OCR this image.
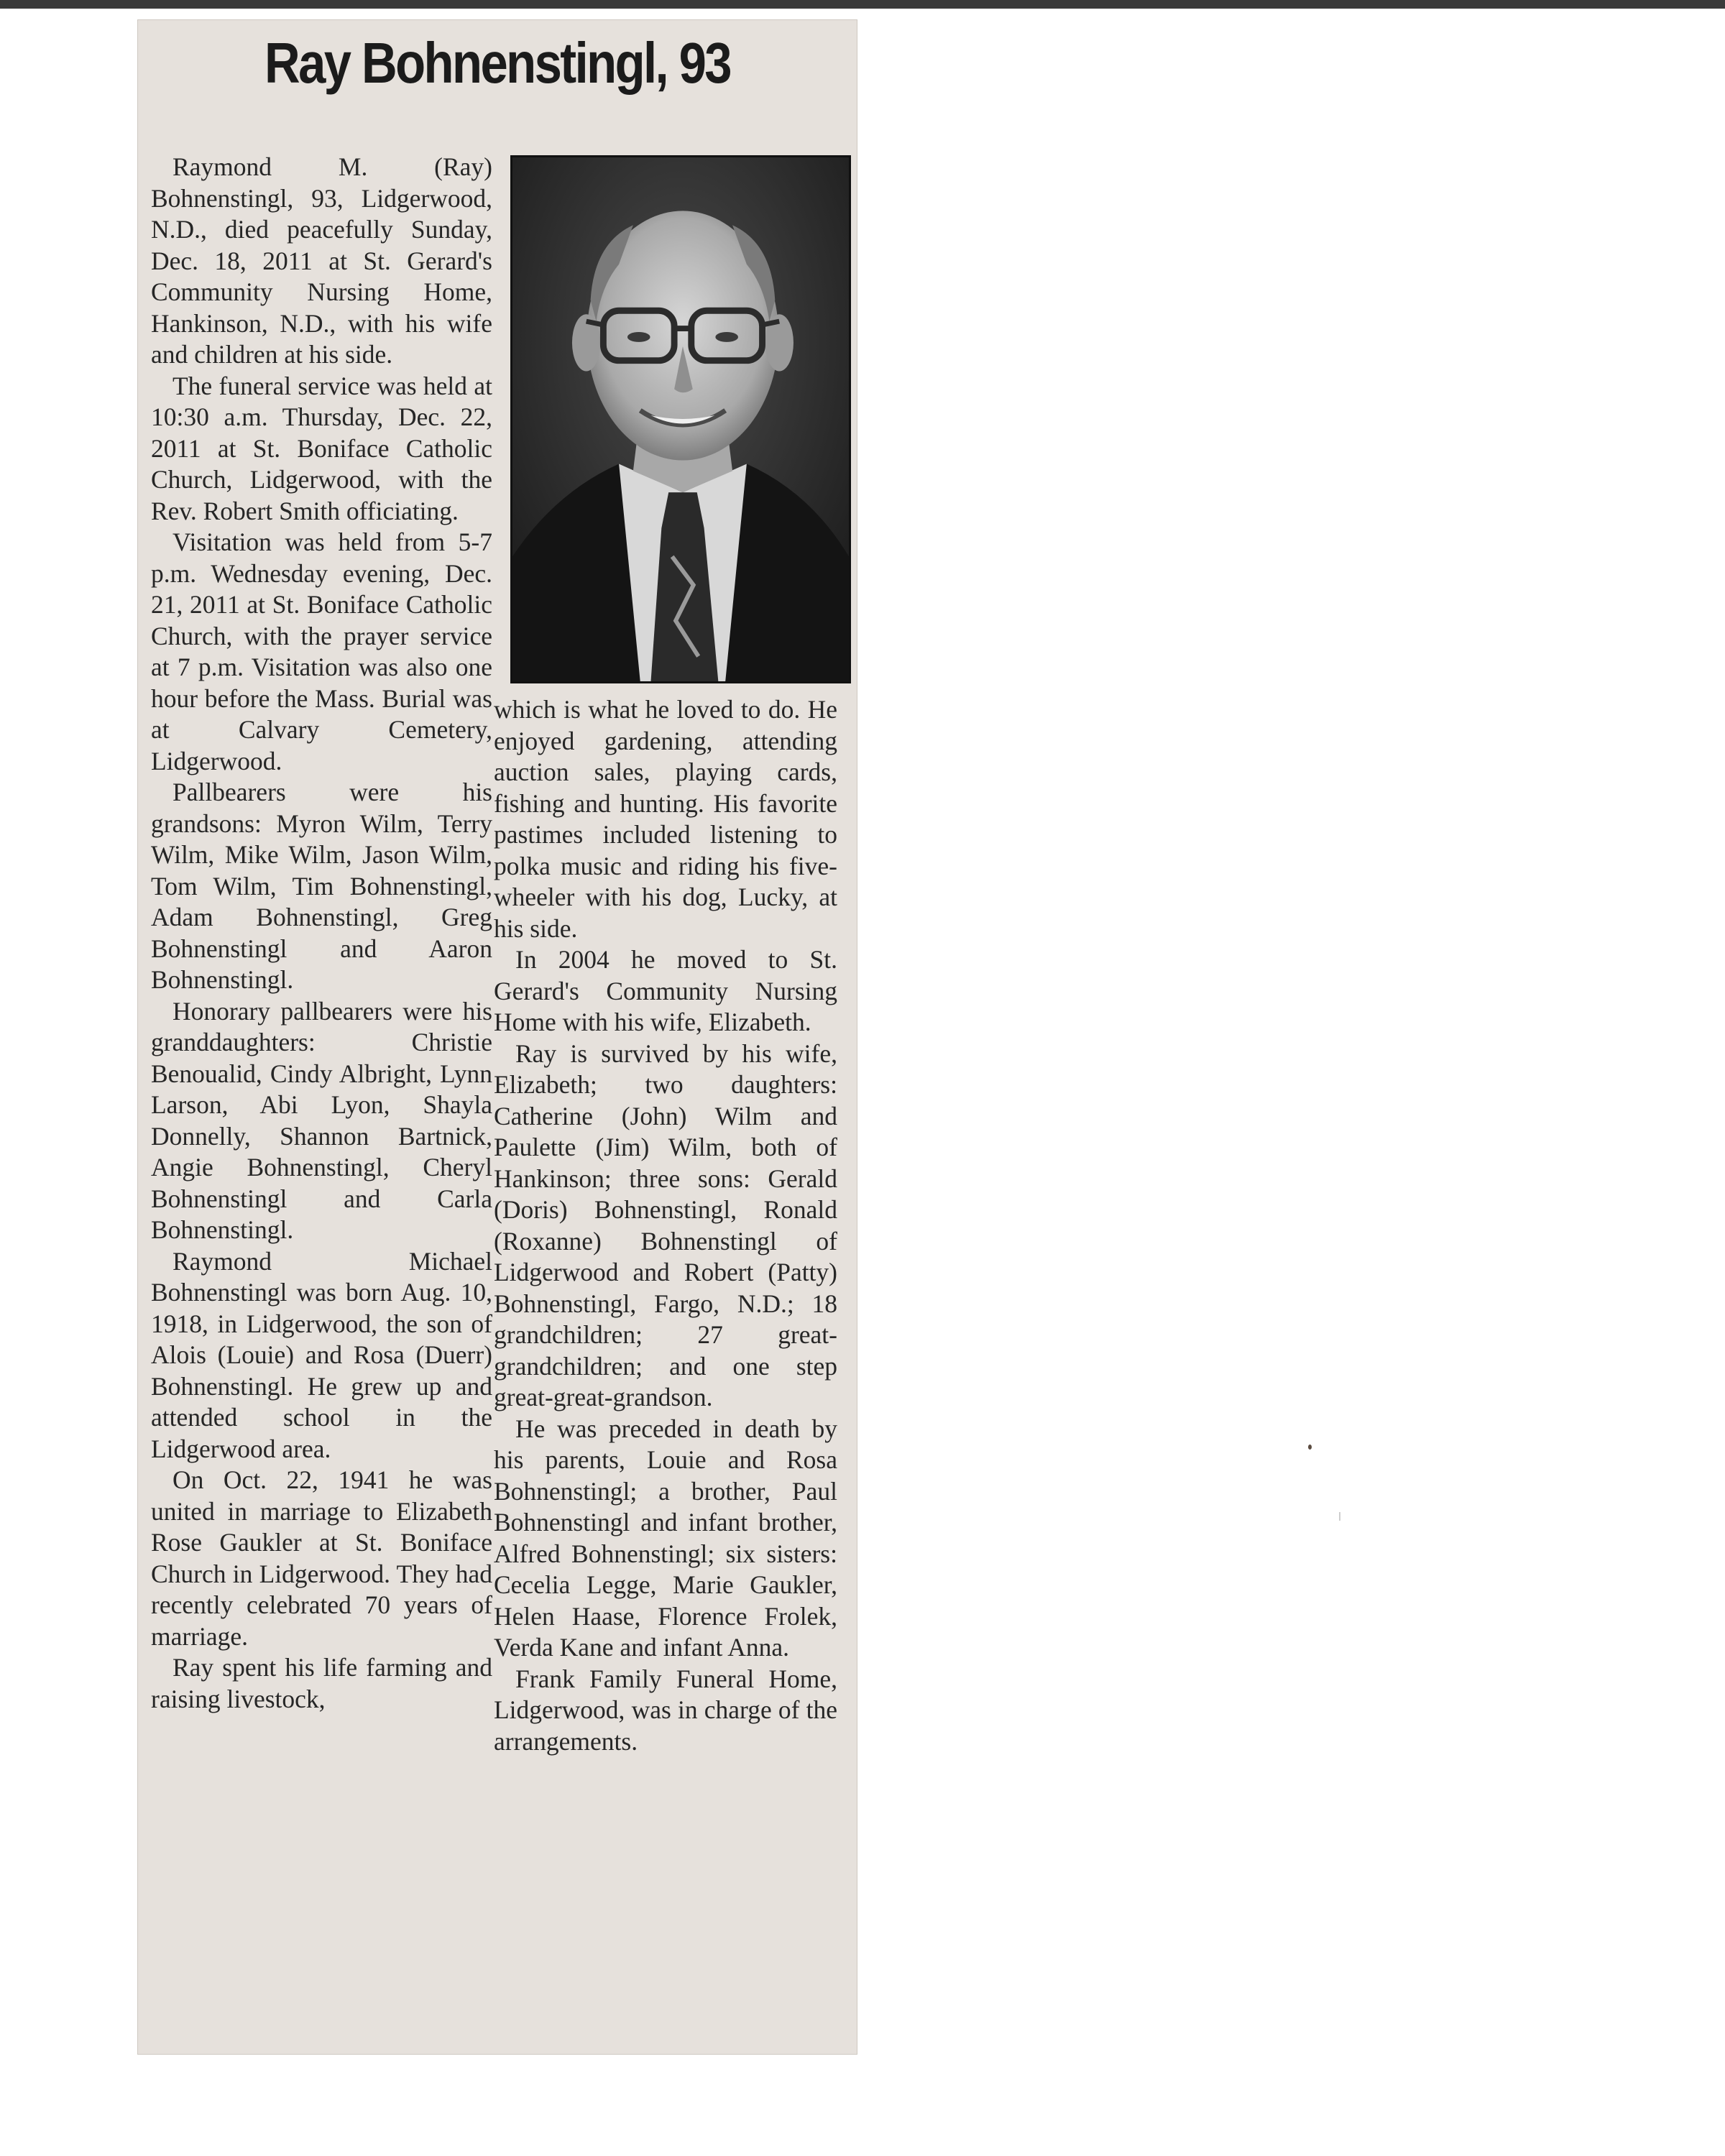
Ray Bohnenstingl, 93

Raymond M. (Ray) Bohnenstingl, 93, Lidgerwood, N.D., died peacefully Sunday, Dec. 18, 2011 at St. Gerard's Community Nursing Home, Hankinson, N.D., with his wife and children at his side.

The funeral service was held at 10:30 a.m. Thursday, Dec. 22, 2011 at St. Boniface Catholic Church, Lidgerwood, with the Rev. Robert Smith officiating.

Visitation was held from 5-7 p.m. Wednesday evening, Dec. 21, 2011 at St. Boniface Catholic Church, with the prayer service at 7 p.m. Visitation was also one hour before the Mass. Burial was at Calvary Cemetery, Lidgerwood.

Pallbearers were his grandsons: Myron Wilm, Terry Wilm, Mike Wilm, Jason Wilm, Tom Wilm, Tim Bohnenstingl, Adam Bohnenstingl, Greg Bohnenstingl and Aaron Bohnenstingl.

Honorary pallbearers were his granddaughters: Christie Benoualid, Cindy Albright, Lynn Larson, Abi Lyon, Shayla Donnelly, Shannon Bartnick, Angie Bohnenstingl, Cheryl Bohnenstingl and Carla Bohnenstingl.

Raymond Michael Bohnenstingl was born Aug. 10, 1918, in Lidgerwood, the son of Alois (Louie) and Rosa (Duerr) Bohnenstingl. He grew up and attended school in the Lidgerwood area.

On Oct. 22, 1941 he was united in marriage to Elizabeth Rose Gaukler at St. Boniface Church in Lidgerwood. They had recently celebrated 70 years of marriage.

Ray spent his life farming and raising livestock,

which is what he loved to do. He enjoyed gardening, attending auction sales, playing cards, fishing and hunting. His favorite pastimes included listening to polka music and riding his five-wheeler with his dog, Lucky, at his side.

In 2004 he moved to St. Gerard's Community Nursing Home with his wife, Elizabeth.

Ray is survived by his wife, Elizabeth; two daughters: Catherine (John) Wilm and Paulette (Jim) Wilm, both of Hankinson; three sons: Gerald (Doris) Bohnenstingl, Ronald (Roxanne) Bohnenstingl of Lidgerwood and Robert (Patty) Bohnenstingl, Fargo, N.D.; 18 grandchildren; 27 great-grandchildren; and one step great-great-grandson.

He was preceded in death by his parents, Louie and Rosa Bohnenstingl; a brother, Paul Bohnenstingl and infant brother, Alfred Bohnenstingl; six sisters: Cecelia Legge, Marie Gaukler, Helen Haase, Florence Frolek, Verda Kane and infant Anna.

Frank Family Funeral Home, Lidgerwood, was in charge of the arrangements.
